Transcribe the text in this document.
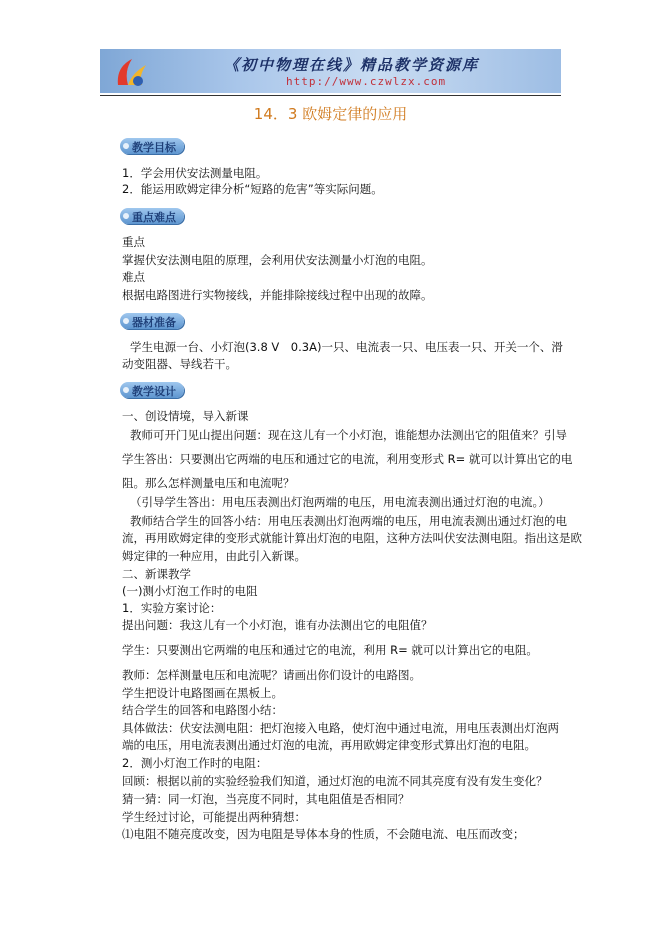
《初中物理在线》精品教学资源库
http://www.czwlzx.com
14．3 欧姆定律的应用
教学目标
1．学会用伏安法测量电阻。
2．能运用欧姆定律分析“短路的危害”等实际问题。
重点难点
重点
掌握伏安法测电阻的原理，会利用伏安法测量小灯泡的电阻。
难点
根据电路图进行实物接线，并能排除接线过程中出现的故障。
器材准备
学生电源一台、小灯泡(3.8 V　0.3A)一只、电流表一只、电压表一只、开关一个、滑
动变阻器、导线若干。
教学设计
一、创设情境，导入新课
教师可开门见山提出问题：现在这儿有一个小灯泡，谁能想办法测出它的阻值来？引导
学生答出：只要测出它两端的电压和通过它的电流，利用变形式 R= 就可以计算出它的电
阻。那么怎样测量电压和电流呢？
（引导学生答出：用电压表测出灯泡两端的电压，用电流表测出通过灯泡的电流。）
教师结合学生的回答小结：用电压表测出灯泡两端的电压，用电流表测出通过灯泡的电
流，再用欧姆定律的变形式就能计算出灯泡的电阻，这种方法叫伏安法测电阻。指出这是欧
姆定律的一种应用，由此引入新课。
二、新课教学
(一)测小灯泡工作时的电阻
1．实验方案讨论：
提出问题：我这儿有一个小灯泡，谁有办法测出它的电阻值？
学生：只要测出它两端的电压和通过它的电流，利用 R= 就可以计算出它的电阻。
教师：怎样测量电压和电流呢？请画出你们设计的电路图。
学生把设计电路图画在黑板上。
结合学生的回答和电路图小结：
具体做法：伏安法测电阻：把灯泡接入电路，使灯泡中通过电流，用电压表测出灯泡两
端的电压，用电流表测出通过灯泡的电流，再用欧姆定律变形式算出灯泡的电阻。
2．测小灯泡工作时的电阻：
回顾：根据以前的实验经验我们知道，通过灯泡的电流不同其亮度有没有发生变化？
猜一猜：同一灯泡，当亮度不同时，其电阻值是否相同？
学生经过讨论，可能提出两种猜想：
⑴电阻不随亮度改变，因为电阻是导体本身的性质，不会随电流、电压而改变；
